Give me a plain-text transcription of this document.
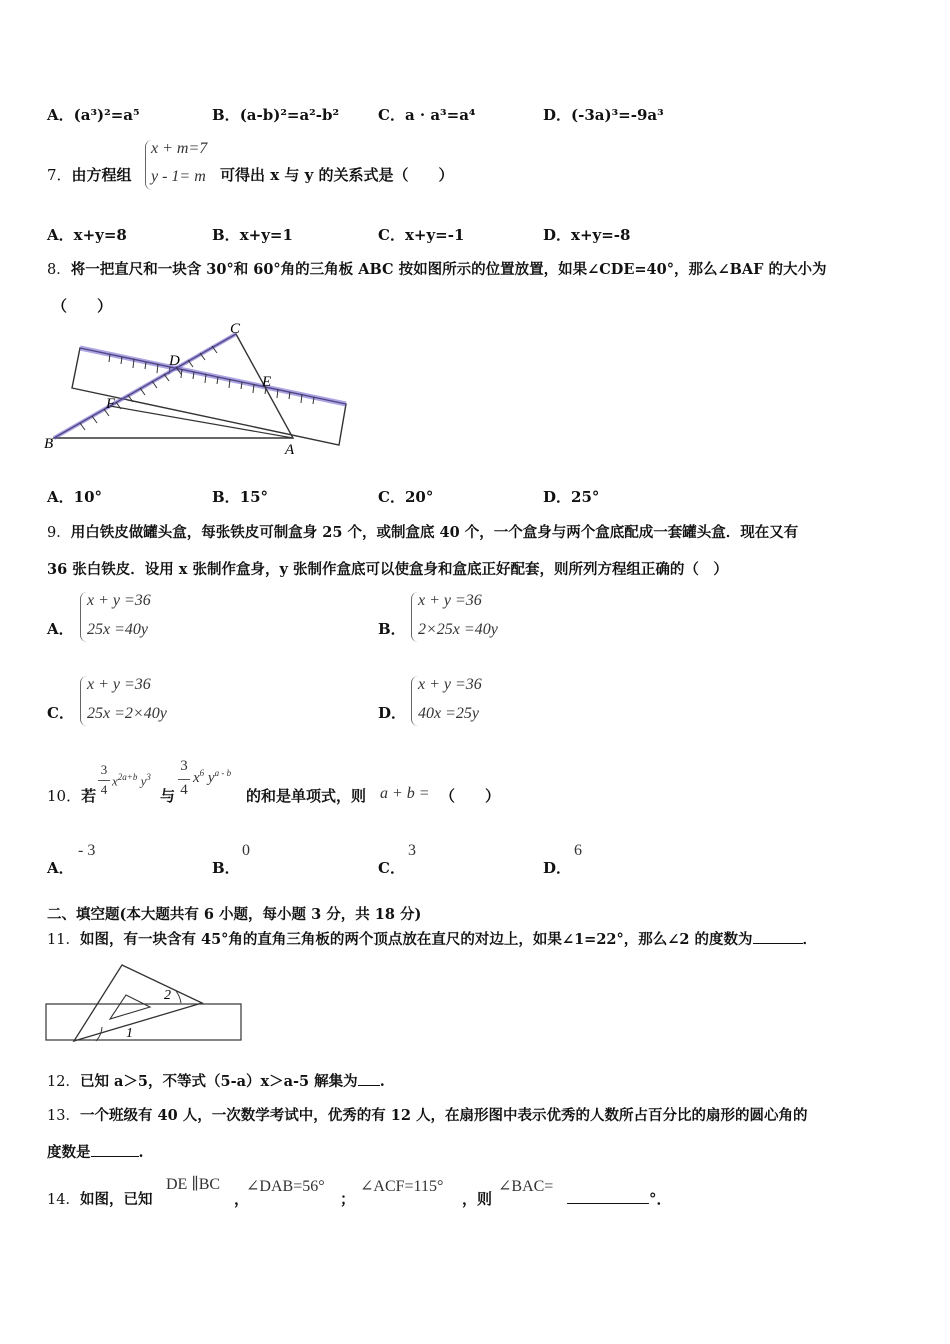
A．(a³)²=a⁵	B．(a-b)²=a²-b²	C．a · a³=a⁴	D．(-3a)³=-9a³
7．由方程组
x + m=7
y - 1= m 可得出 x 与 y 的关系式是（　　）
A．x+y=8	B．x+y=1	C．x+y=-1	D．x+y=-8
8．将一把直尺和一块含 30°和 60°角的三角板 ABC 按如图所示的位置放置，如果∠CDE=40°，那么∠BAF 的大小为
（　　）
C
D
E
F
B	A
A．10°	B．15°	C．20°	D．25°
9．用白铁皮做罐头盒，每张铁皮可制盒身 25 个，或制盒底 40 个，一个盒身与两个盒底配成一套罐头盒．现在又有
36 张白铁皮．设用 x 张制作盒身，y 张制作盒底可以使盒身和盒底正好配套，则所列方程组正确的（　）
A．
x + y =36
25x =40y	B．
x + y =36
2×25x =40y
C．
x + y =36
25x =2×40y	D．
x + y =36
40x =25y
10．若
3
4
$x^{2a+b}$ $y^3$
与
3
4
$x^6$ $y^{a - b}$
的和是单项式，则 a + b = （　　）
A．
- 3
B．
0
C．
3
D．
6
二、填空题(本大题共有 6 小题，每小题 3 分，共 18 分)
11．如图，有一块含有 45°角的直角三角板的两个顶点放在直尺的对边上，如果∠1=22°，那么∠2 的度数为	．
2
1
12．已知 a＞5，不等式（5-a）x＞a-5 解集为 .
13．一个班级有 40 人，一次数学考试中，优秀的有 12 人，在扇形图中表示优秀的人数所占百分比的扇形的圆心角的
度数是	.
14．如图，已知
DE ∥BC
，
∠DAB=56°
；
∠ACF=115°
，则
∠BAC=
°．
